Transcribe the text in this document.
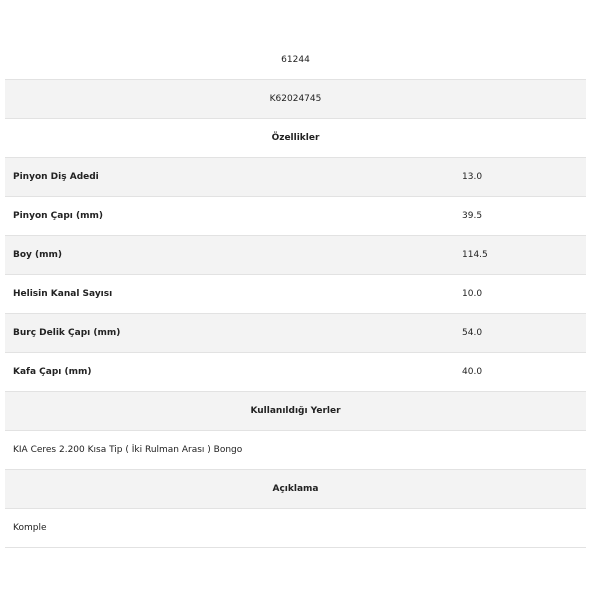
61244
K62024745
Özellikler
Pinyon Diş Adedi	13.0
Pinyon Çapı (mm)	39.5
Boy (mm)	114.5
Helisin Kanal Sayısı	10.0
Burç Delik Çapı (mm)	54.0
Kafa Çapı (mm)	40.0
Kullanıldığı Yerler
KIA Ceres 2.200 Kısa Tip ( İki Rulman Arası ) Bongo
Açıklama
Komple
